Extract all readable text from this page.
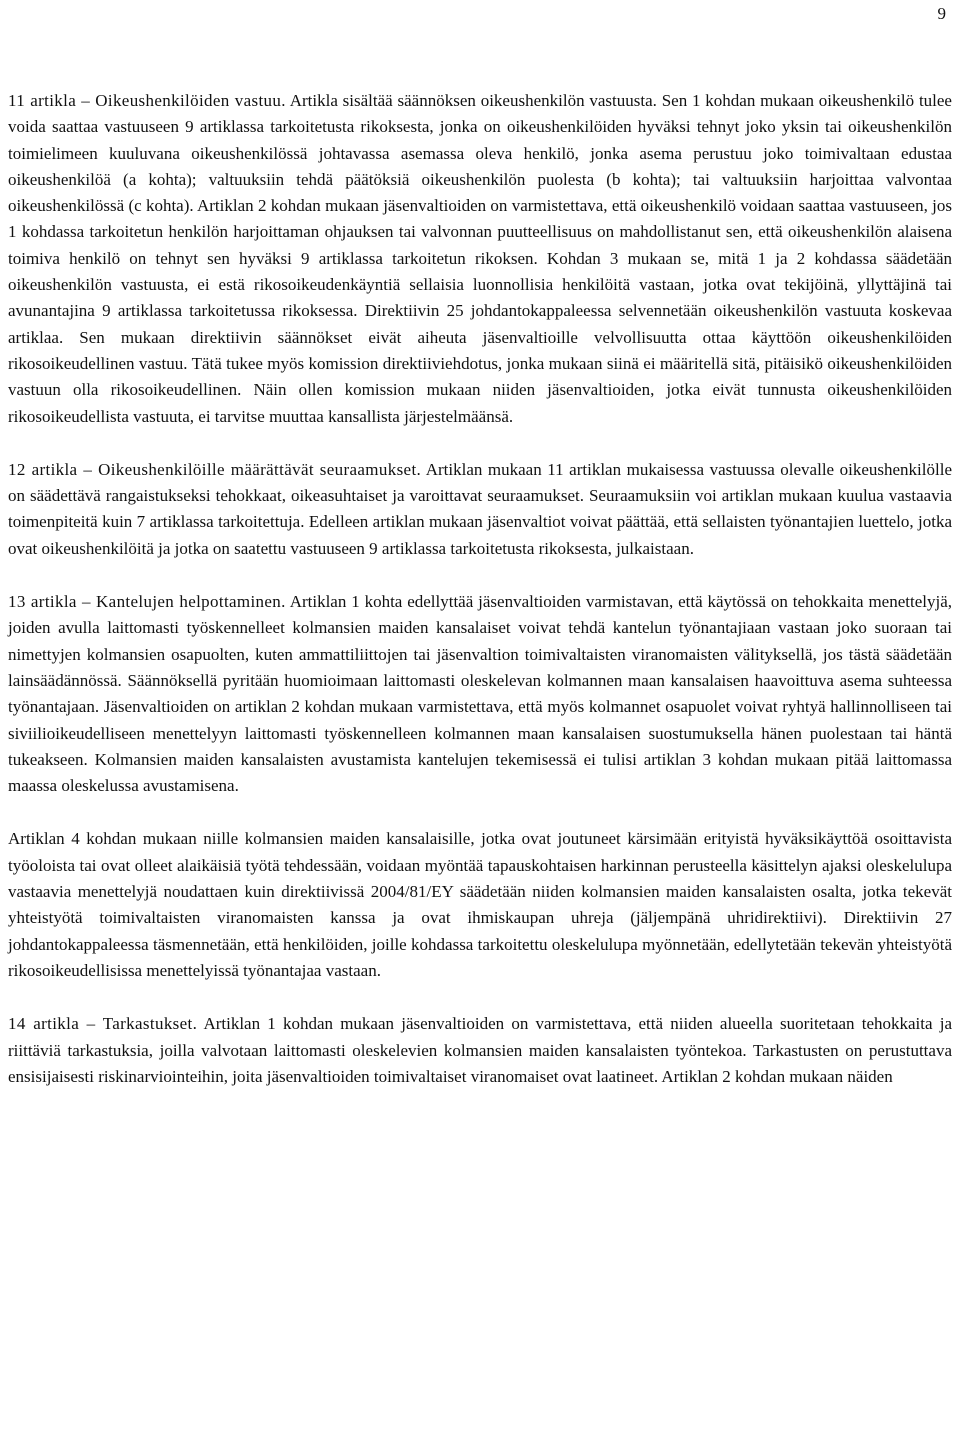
9

11 artikla – Oikeushenkilöiden vastuu. Artikla sisältää säännöksen oikeushenkilön vastuusta. Sen 1 kohdan mukaan oikeushenkilö tulee voida saattaa vastuuseen 9 artiklassa tarkoitetusta rikoksesta, jonka on oikeushenkilöiden hyväksi tehnyt joko yksin tai oikeushenkilön toimielimeen kuuluvana oikeushenkilössä johtavassa asemassa oleva henkilö, jonka asema perustuu joko toimivaltaan edustaa oikeushenkilöä (a kohta); valtuuksiin tehdä päätöksiä oikeushenkilön puolesta (b kohta); tai valtuuksiin harjoittaa valvontaa oikeushenkilössä (c kohta). Artiklan 2 kohdan mukaan jäsenvaltioiden on varmistettava, että oikeushenkilö voidaan saattaa vastuuseen, jos 1 kohdassa tarkoitetun henkilön harjoittaman ohjauksen tai valvonnan puutteellisuus on mahdollistanut sen, että oikeushenkilön alaisena toimiva henkilö on tehnyt sen hyväksi 9 artiklassa tarkoitetun rikoksen. Kohdan 3 mukaan se, mitä 1 ja 2 kohdassa säädetään oikeushenkilön vastuusta, ei estä rikosoikeudenkäyntiä sellaisia luonnollisia henkilöitä vastaan, jotka ovat tekijöinä, yllyttäjinä tai avunantajina 9 artiklassa tarkoitetussa rikoksessa. Direktiivin 25 johdantokappaleessa selvennetään oikeushenkilön vastuuta koskevaa artiklaa. Sen mukaan direktiivin säännökset eivät aiheuta jäsenvaltioille velvollisuutta ottaa käyttöön oikeushenkilöiden rikosoikeudellinen vastuu. Tätä tukee myös komission direktiiviehdotus, jonka mukaan siinä ei määritellä sitä, pitäisikö oikeushenkilöiden vastuun olla rikosoikeudellinen. Näin ollen komission mukaan niiden jäsenvaltioiden, jotka eivät tunnusta oikeushenkilöiden rikosoikeudellista vastuuta, ei tarvitse muuttaa kansallista järjestelmäänsä.

12 artikla – Oikeushenkilöille määrättävät seuraamukset. Artiklan mukaan 11 artiklan mukaisessa vastuussa olevalle oikeushenkilölle on säädettävä rangaistukseksi tehokkaat, oikeasuhtaiset ja varoittavat seuraamukset. Seuraamuksiin voi artiklan mukaan kuulua vastaavia toimenpiteitä kuin 7 artiklassa tarkoitettuja. Edelleen artiklan mukaan jäsenvaltiot voivat päättää, että sellaisten työnantajien luettelo, jotka ovat oikeushenkilöitä ja jotka on saatettu vastuuseen 9 artiklassa tarkoitetusta rikoksesta, julkaistaan.

13 artikla – Kantelujen helpottaminen. Artiklan 1 kohta edellyttää jäsenvaltioiden varmistavan, että käytössä on tehokkaita menettelyjä, joiden avulla laittomasti työskennelleet kolmansien maiden kansalaiset voivat tehdä kantelun työnantajiaan vastaan joko suoraan tai nimettyjen kolmansien osapuolten, kuten ammattiliittojen tai jäsenvaltion toimivaltaisten viranomaisten välityksellä, jos tästä säädetään lainsäädännössä. Säännöksellä pyritään huomioimaan laittomasti oleskelevan kolmannen maan kansalaisen haavoittuva asema suhteessa työnantajaan. Jäsenvaltioiden on artiklan 2 kohdan mukaan varmistettava, että myös kolmannet osapuolet voivat ryhtyä hallinnolliseen tai siviilioikeudelliseen menettelyyn laittomasti työskennelleen kolmannen maan kansalaisen suostumuksella hänen puolestaan tai häntä tukeakseen. Kolmansien maiden kansalaisten avustamista kantelujen tekemisessä ei tulisi artiklan 3 kohdan mukaan pitää laittomassa maassa oleskelussa avustamisena.

Artiklan 4 kohdan mukaan niille kolmansien maiden kansalaisille, jotka ovat joutuneet kärsimään erityistä hyväksikäyttöä osoittavista työoloista tai ovat olleet alaikäisiä työtä tehdessään, voidaan myöntää tapauskohtaisen harkinnan perusteella käsittelyn ajaksi oleskelulupa vastaavia menettelyjä noudattaen kuin direktiivissä 2004/81/EY säädetään niiden kolmansien maiden kansalaisten osalta, jotka tekevät yhteistyötä toimivaltaisten viranomaisten kanssa ja ovat ihmiskaupan uhreja (jäljempänä uhridirektiivi). Direktiivin 27 johdantokappaleessa täsmennetään, että henkilöiden, joille kohdassa tarkoitettu oleskelulupa myönnetään, edellytetään tekevän yhteistyötä rikosoikeudellisissa menettelyissä työnantajaa vastaan.

14 artikla – Tarkastukset. Artiklan 1 kohdan mukaan jäsenvaltioiden on varmistettava, että niiden alueella suoritetaan tehokkaita ja riittäviä tarkastuksia, joilla valvotaan laittomasti oleskelevien kolmansien maiden kansalaisten työntekoa. Tarkastusten on perustuttava ensisijaisesti riskinarviointeihin, joita jäsenvaltioiden toimivaltaiset viranomaiset ovat laatineet. Artiklan 2 kohdan mukaan näiden
